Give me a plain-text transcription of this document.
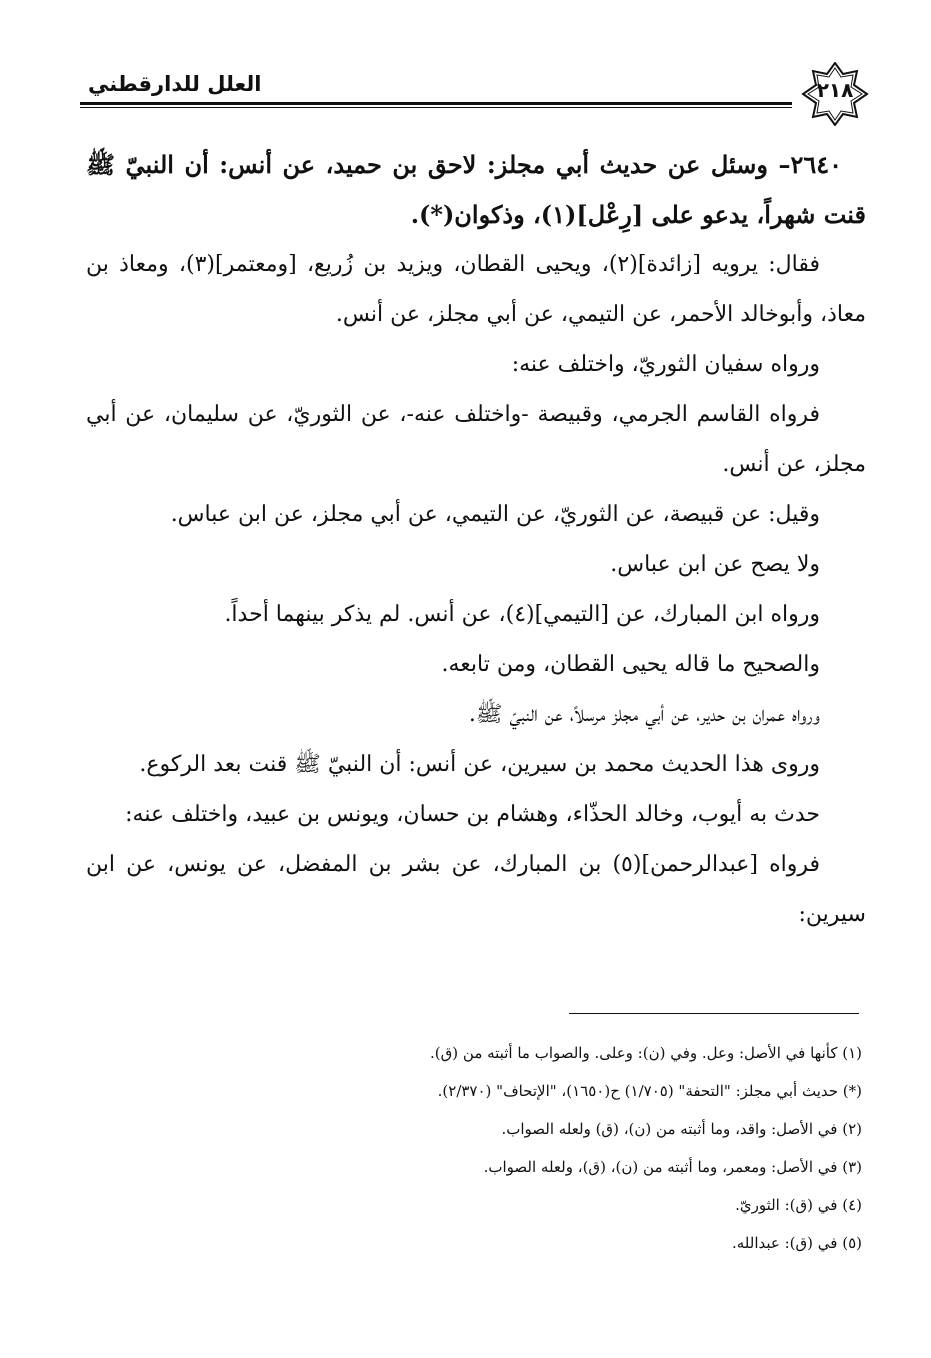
العلل للدارقطني	٢١٨

٢٦٤٠– وسئل عن حديث أبي مجلز: لاحق بن حميد، عن أنس: أن النبيّ ﷺ قنت شهراً، يدعو على [رِعْل](١)، وذكوان(*).

فقال: يرويه [زائدة](٢)، ويحيى القطان، ويزيد بن زُريع، [ومعتمر](٣)، ومعاذ بن معاذ، وأبوخالد الأحمر، عن التيمي، عن أبي مجلز، عن أنس.

ورواه سفيان الثوريّ، واختلف عنه:

فرواه القاسم الجرمي، وقبيصة -واختلف عنه-، عن الثوريّ، عن سليمان، عن أبي مجلز، عن أنس.

وقيل: عن قبيصة، عن الثوريّ، عن التيمي، عن أبي مجلز، عن ابن عباس.

ولا يصح عن ابن عباس.

ورواه ابن المبارك، عن [التيمي](٤)، عن أنس. لم يذكر بينهما أحداً.

والصحيح ما قاله يحيى القطان، ومن تابعه.

ورواه عمران بن حدير، عن أبي مجلز مرسلاً، عن النبيّ ﷺ.

وروى هذا الحديث محمد بن سيرين، عن أنس: أن النبيّ ﷺ قنت بعد الركوع.

حدث به أيوب، وخالد الحذّاء، وهشام بن حسان، ويونس بن عبيد، واختلف عنه:

فرواه [عبدالرحمن](٥) بن المبارك، عن بشر بن المفضل، عن يونس، عن ابن سيرين:

(١) كأنها في الأصل: وعل. وفي (ن): وعلى. والصواب ما أثبته من (ق).

(*) حديث أبي مجلز: "التحفة" (١/٧٠٥) ح(١٦٥٠)، "الإتحاف" (٢/٣٧٠).

(٢) في الأصل: واقد، وما أثبته من (ن)، (ق) ولعله الصواب.

(٣) في الأصل: ومعمر، وما أثبته من (ن)، (ق)، ولعله الصواب.

(٤) في (ق): الثوريّ.

(٥) في (ق): عبدالله.
